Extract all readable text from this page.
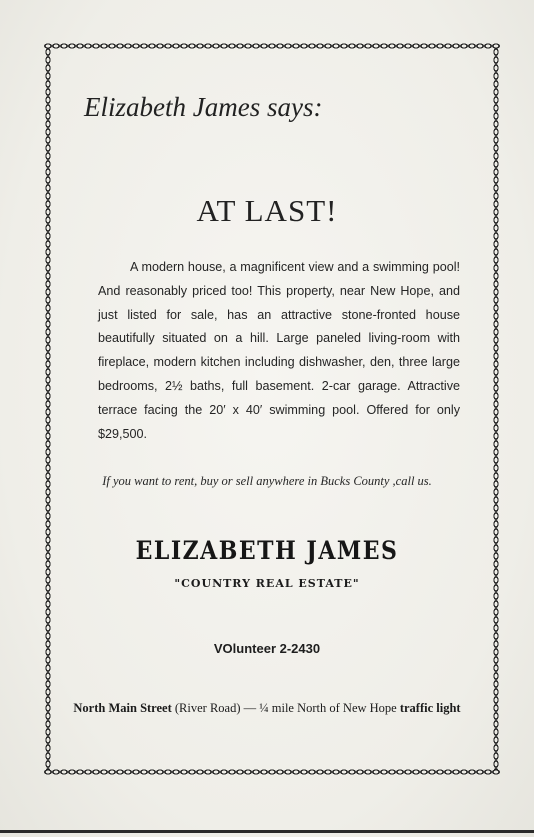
Elizabeth James says:
AT LAST!
A modern house, a magnificent view and a swimming pool! And reasonably priced too! This property, near New Hope, and just listed for sale, has an attractive stone-fronted house beautifully situated on a hill. Large paneled living-room with fireplace, modern kitchen including dishwasher, den, three large bedrooms, 2½ baths, full basement. 2-car garage. Attractive terrace facing the 20′ x 40′ swimming pool. Offered for only $29,500.
If you want to rent, buy or sell anywhere in Bucks County ,call us.
ELIZABETH JAMES
"COUNTRY REAL ESTATE"
VOlunteer 2-2430
North Main Street (River Road) — ¼ mile North of New Hope traffic light
